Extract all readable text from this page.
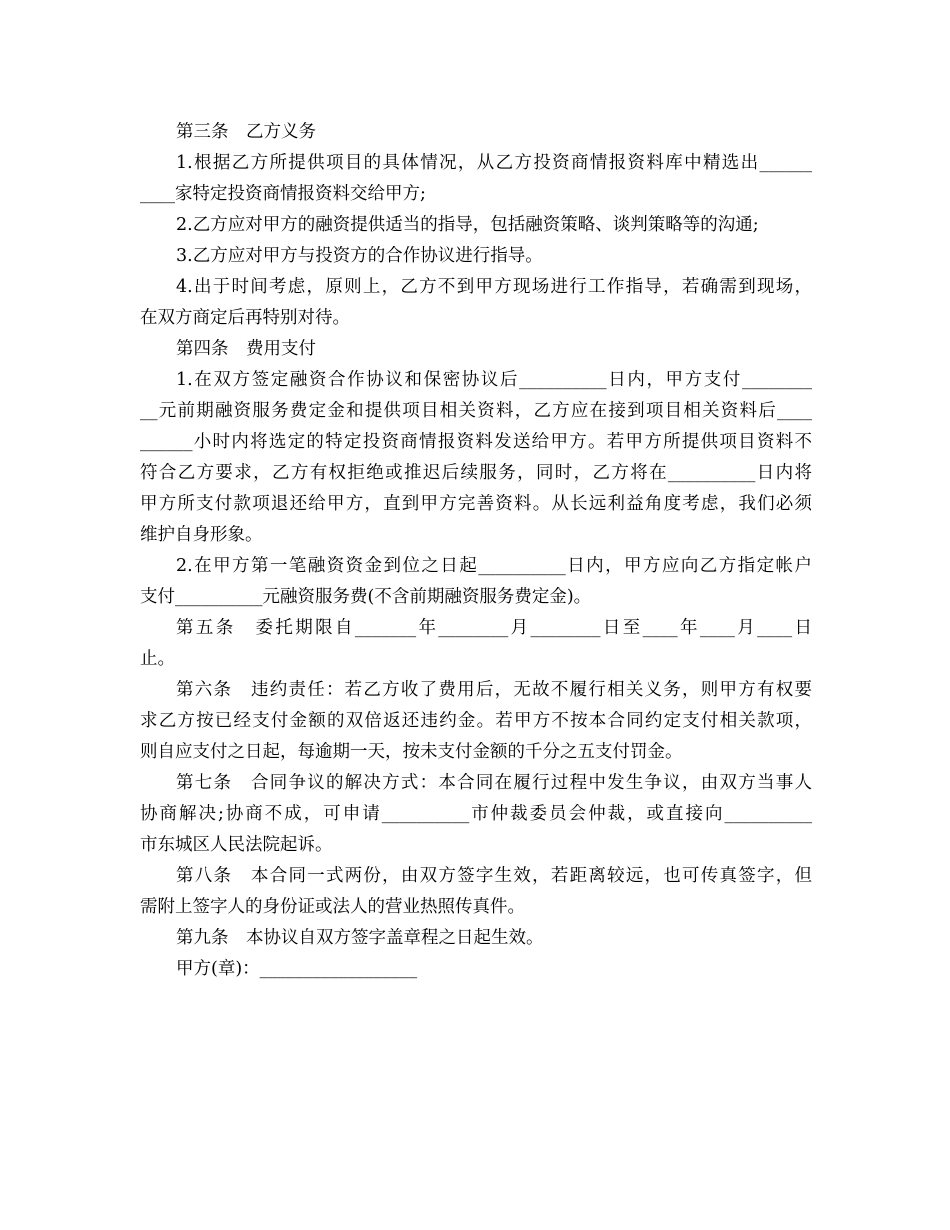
第三条　乙方义务
1.根据乙方所提供项目的具体情况，从乙方投资商情报资料库中精选出______
____家特定投资商情报资料交给甲方;
2.乙方应对甲方的融资提供适当的指导，包括融资策略、谈判策略等的沟通;
3.乙方应对甲方与投资方的合作协议进行指导。
4.出于时间考虑，原则上，乙方不到甲方现场进行工作指导，若确需到现场，
在双方商定后再特别对待。
第四条　费用支付
1.在双方签定融资合作协议和保密协议后__________日内，甲方支付________
__元前期融资服务费定金和提供项目相关资料，乙方应在接到项目相关资料后____
______小时内将选定的特定投资商情报资料发送给甲方。若甲方所提供项目资料不
符合乙方要求，乙方有权拒绝或推迟后续服务，同时，乙方将在__________日内将
甲方所支付款项退还给甲方，直到甲方完善资料。从长远利益角度考虑，我们必须
维护自身形象。
2.在甲方第一笔融资资金到位之日起__________日内，甲方应向乙方指定帐户
支付__________元融资服务费(不含前期融资服务费定金)。
第五条　委托期限自_______年________月________日至____年____月____日
止。
第六条　违约责任：若乙方收了费用后，无故不履行相关义务，则甲方有权要
求乙方按已经支付金额的双倍返还违约金。若甲方不按本合同约定支付相关款项，
则自应支付之日起，每逾期一天，按未支付金额的千分之五支付罚金。
第七条　合同争议的解决方式：本合同在履行过程中发生争议，由双方当事人
协商解决;协商不成，可申请__________市仲裁委员会仲裁，或直接向__________
市东城区人民法院起诉。
第八条　本合同一式两份，由双方签字生效，若距离较远，也可传真签字，但
需附上签字人的身份证或法人的营业热照传真件。
第九条　本协议自双方签字盖章程之日起生效。
甲方(章)：__________________
